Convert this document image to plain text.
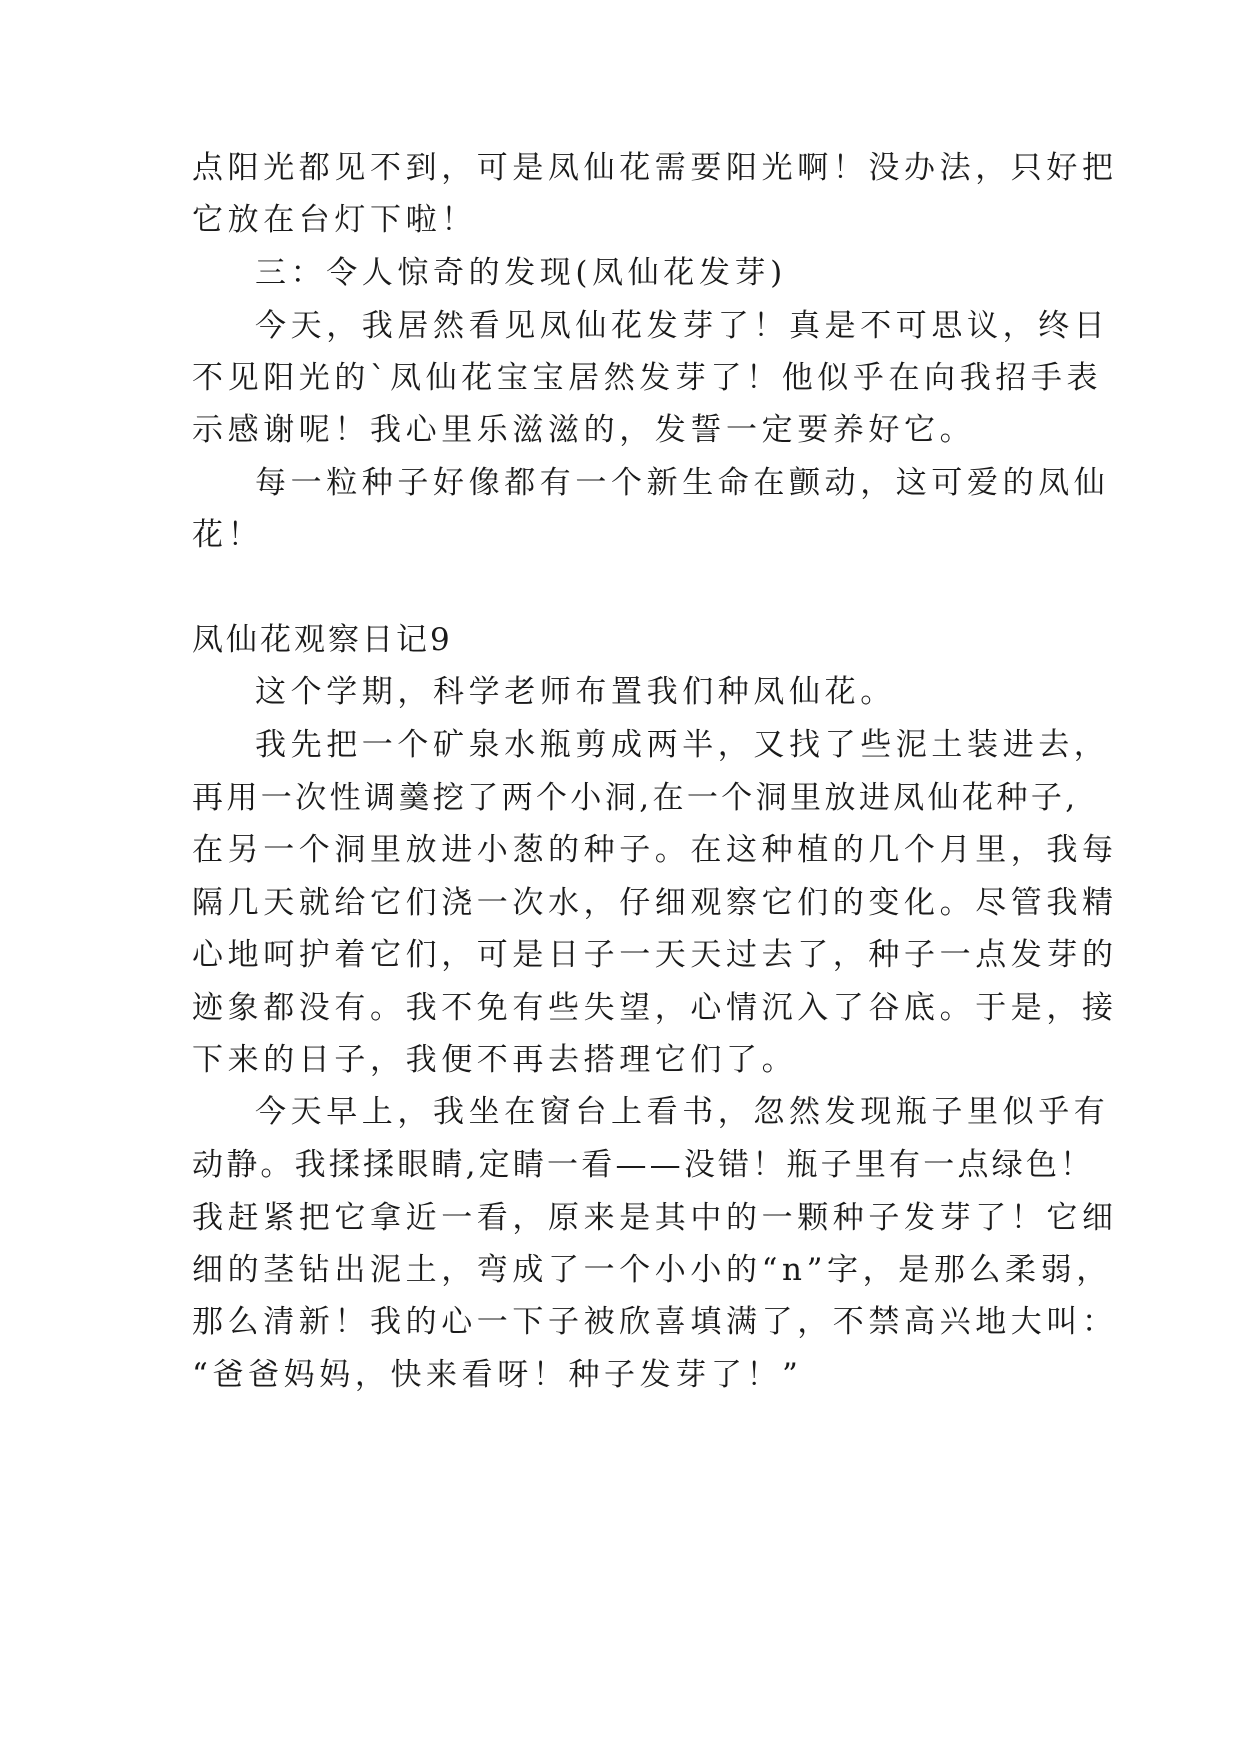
点阳光都见不到，可是凤仙花需要阳光啊！没办法，只好把
它放在台灯下啦！
三：令人惊奇的发现(凤仙花发芽)
今天，我居然看见凤仙花发芽了！真是不可思议，终日
不见阳光的`凤仙花宝宝居然发芽了！他似乎在向我招手表
示感谢呢！我心里乐滋滋的，发誓一定要养好它。
每一粒种子好像都有一个新生命在颤动，这可爱的凤仙
花！
凤仙花观察日记9
这个学期，科学老师布置我们种凤仙花。
我先把一个矿泉水瓶剪成两半，又找了些泥土装进去，
再用一次性调羹挖了两个小洞,在一个洞里放进凤仙花种子,
在另一个洞里放进小葱的种子。在这种植的几个月里，我每
隔几天就给它们浇一次水，仔细观察它们的变化。尽管我精
心地呵护着它们，可是日子一天天过去了，种子一点发芽的
迹象都没有。我不免有些失望，心情沉入了谷底。于是，接
下来的日子，我便不再去搭理它们了。
今天早上，我坐在窗台上看书，忽然发现瓶子里似乎有
动静。我揉揉眼睛,定睛一看——没错！瓶子里有一点绿色！
我赶紧把它拿近一看，原来是其中的一颗种子发芽了！它细
细的茎钻出泥土，弯成了一个小小的“n”字，是那么柔弱，
那么清新！我的心一下子被欣喜填满了，不禁高兴地大叫：
“爸爸妈妈，快来看呀！种子发芽了！”
